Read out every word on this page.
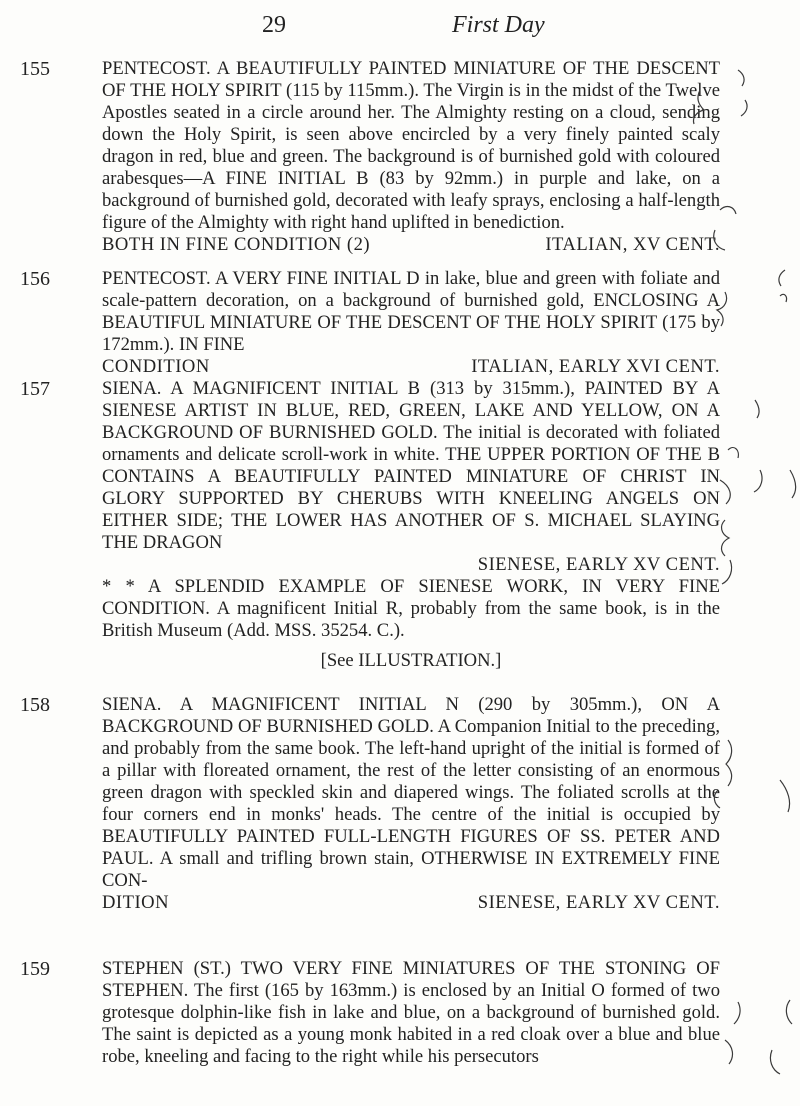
29	First Day
155	PENTECOST. A BEAUTIFULLY PAINTED MINIATURE OF THE DESCENT OF THE HOLY SPIRIT (115 by 115mm.). The Virgin is in the midst of the Twelve Apostles seated in a circle around her. The Almighty resting on a cloud, sending down the Holy Spirit, is seen above encircled by a very finely painted scaly dragon in red, blue and green. The background is of burnished gold with coloured arabesques—A FINE INITIAL B (83 by 92mm.) in purple and lake, on a background of burnished gold, decorated with leafy sprays, enclosing a half-length figure of the Almighty with right hand uplifted in benediction.

BOTH IN FINE CONDITION (2)	ITALIAN, XV CENT.
156	PENTECOST. A VERY FINE INITIAL D in lake, blue and green with foliate and scale-pattern decoration, on a background of burnished gold, ENCLOSING A BEAUTIFUL MINIATURE OF THE DESCENT OF THE HOLY SPIRIT (175 by 172mm.). IN FINE

CONDITION	ITALIAN, EARLY XVI CENT.
157	SIENA. A MAGNIFICENT INITIAL B (313 by 315mm.), PAINTED BY A SIENESE ARTIST IN BLUE, RED, GREEN, LAKE AND YELLOW, ON A BACKGROUND OF BURNISHED GOLD. The initial is decorated with foliated ornaments and delicate scroll-work in white. THE UPPER PORTION OF THE B CONTAINS A BEAUTIFULLY PAINTED MINIATURE OF CHRIST IN GLORY SUPPORTED BY CHERUBS WITH KNEELING ANGELS ON EITHER SIDE; THE LOWER HAS ANOTHER OF S. MICHAEL SLAYING THE DRAGON

SIENESE, EARLY XV CENT.

* * A SPLENDID EXAMPLE OF SIENESE WORK, IN VERY FINE CONDITION. A magnificent Initial R, probably from the same book, is in the British Museum (Add. MSS. 35254. C.).

[See ILLUSTRATION.]
158	SIENA. A MAGNIFICENT INITIAL N (290 by 305mm.), ON A BACKGROUND OF BURNISHED GOLD. A Companion Initial to the preceding, and probably from the same book. The left-hand upright of the initial is formed of a pillar with floreated ornament, the rest of the letter consisting of an enormous green dragon with speckled skin and diapered wings. The foliated scrolls at the four corners end in monks' heads. The centre of the initial is occupied by BEAUTIFULLY PAINTED FULL-LENGTH FIGURES OF SS. PETER AND PAUL. A small and trifling brown stain, OTHERWISE IN EXTREMELY FINE CON-

DITION	SIENESE, EARLY XV CENT.
159	STEPHEN (ST.) TWO VERY FINE MINIATURES OF THE STONING OF STEPHEN. The first (165 by 163mm.) is enclosed by an Initial O formed of two grotesque dolphin-like fish in lake and blue, on a background of burnished gold. The saint is depicted as a young monk habited in a red cloak over a blue and blue robe, kneeling and facing to the right while his persecutors
